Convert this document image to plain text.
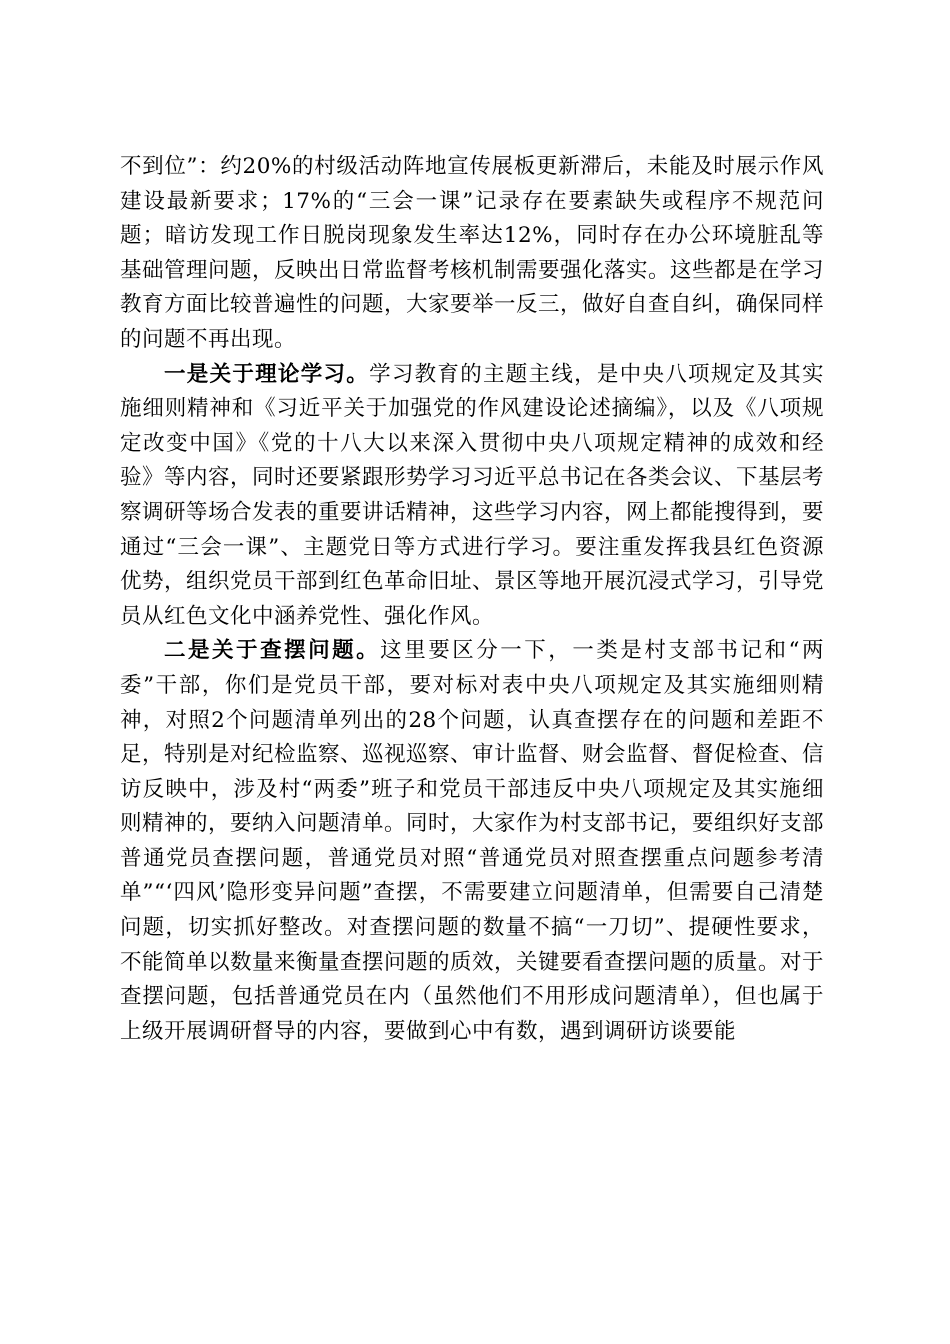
不到位”：约20%的村级活动阵地宣传展板更新滞后，未能及时展示作风建设最新要求；17%的“三会一课”记录存在要素缺失或程序不规范问题；暗访发现工作日脱岗现象发生率达12%，同时存在办公环境脏乱等基础管理问题，反映出日常监督考核机制需要强化落实。这些都是在学习教育方面比较普遍性的问题，大家要举一反三，做好自查自纠，确保同样的问题不再出现。

一是关于理论学习。学习教育的主题主线，是中央八项规定及其实施细则精神和《习近平关于加强党的作风建设论述摘编》，以及《八项规定改变中国》《党的十八大以来深入贯彻中央八项规定精神的成效和经验》等内容，同时还要紧跟形势学习习近平总书记在各类会议、下基层考察调研等场合发表的重要讲话精神，这些学习内容，网上都能搜得到，要通过“三会一课”、主题党日等方式进行学习。要注重发挥我县红色资源优势，组织党员干部到红色革命旧址、景区等地开展沉浸式学习，引导党员从红色文化中涵养党性、强化作风。

二是关于查摆问题。这里要区分一下，一类是村支部书记和“两委”干部，你们是党员干部，要对标对表中央八项规定及其实施细则精神，对照2个问题清单列出的28个问题，认真查摆存在的问题和差距不足，特别是对纪检监察、巡视巡察、审计监督、财会监督、督促检查、信访反映中，涉及村“两委”班子和党员干部违反中央八项规定及其实施细则精神的，要纳入问题清单。同时，大家作为村支部书记，要组织好支部普通党员查摆问题，普通党员对照“普通党员对照查摆重点问题参考清单”“‘四风’隐形变异问题”查摆，不需要建立问题清单，但需要自己清楚问题，切实抓好整改。对查摆问题的数量不搞“一刀切”、提硬性要求，不能简单以数量来衡量查摆问题的质效，关键要看查摆问题的质量。对于查摆问题，包括普通党员在内（虽然他们不用形成问题清单），但也属于上级开展调研督导的内容，要做到心中有数，遇到调研访谈要能
